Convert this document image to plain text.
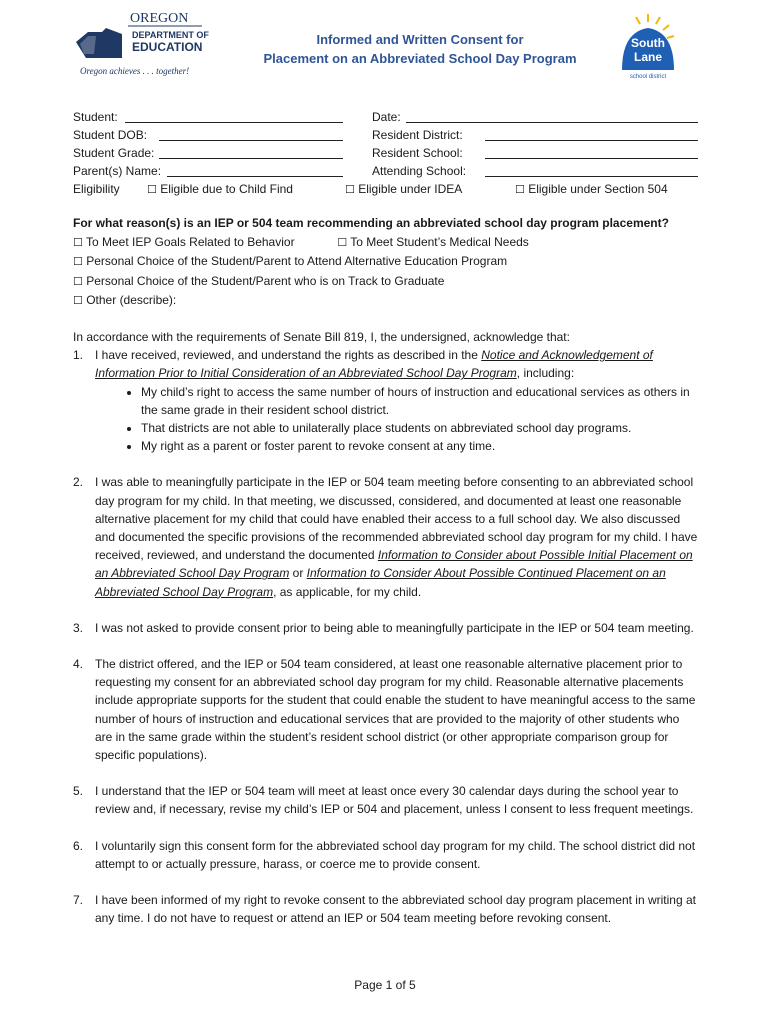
OREGON
DEPARTMENT OF
EDUCATION
Oregon achieves . . . together!
Informed and Written Consent for
Placement on an Abbreviated School Day Program
South
Lane
school district
Student:	Date:
Student DOB:	Resident District:
Student Grade:	Resident School:
Parent(s) Name:	Attending School:
Eligibility ☐ Eligible due to Child Find	☐ Eligible under IDEA	☐ Eligible under Section 504
For what reason(s) is an IEP or 504 team recommending an abbreviated school day program placement?
☐ To Meet IEP Goals Related to Behavior	☐ To Meet Student’s Medical Needs
☐ Personal Choice of the Student/Parent to Attend Alternative Education Program
☐ Personal Choice of the Student/Parent who is on Track to Graduate
☐ Other (describe):
In accordance with the requirements of Senate Bill 819, I, the undersigned, acknowledge that:
1. I have received, reviewed, and understand the rights as described in the Notice and Acknowledgement of Information Prior to Initial Consideration of an Abbreviated School Day Program, including:
• My child’s right to access the same number of hours of instruction and educational services as others in the same grade in their resident school district.
• That districts are not able to unilaterally place students on abbreviated school day programs.
• My right as a parent or foster parent to revoke consent at any time.
2. I was able to meaningfully participate in the IEP or 504 team meeting before consenting to an abbreviated school day program for my child. In that meeting, we discussed, considered, and documented at least one reasonable alternative placement for my child that could have enabled their access to a full school day. We also discussed and documented the specific provisions of the recommended abbreviated school day program for my child. I have received, reviewed, and understand the documented Information to Consider about Possible Initial Placement on an Abbreviated School Day Program or Information to Consider About Possible Continued Placement on an Abbreviated School Day Program, as applicable, for my child.
3. I was not asked to provide consent prior to being able to meaningfully participate in the IEP or 504 team meeting.
4. The district offered, and the IEP or 504 team considered, at least one reasonable alternative placement prior to requesting my consent for an abbreviated school day program for my child. Reasonable alternative placements include appropriate supports for the student that could enable the student to have meaningful access to the same number of hours of instruction and educational services that are provided to the majority of other students who are in the same grade within the student’s resident school district (or other appropriate comparison group for specific populations).
5. I understand that the IEP or 504 team will meet at least once every 30 calendar days during the school year to review and, if necessary, revise my child’s IEP or 504 and placement, unless I consent to less frequent meetings.
6. I voluntarily sign this consent form for the abbreviated school day program for my child. The school district did not attempt to or actually pressure, harass, or coerce me to provide consent.
7. I have been informed of my right to revoke consent to the abbreviated school day program placement in writing at any time. I do not have to request or attend an IEP or 504 team meeting before revoking consent.
Page 1 of 5
